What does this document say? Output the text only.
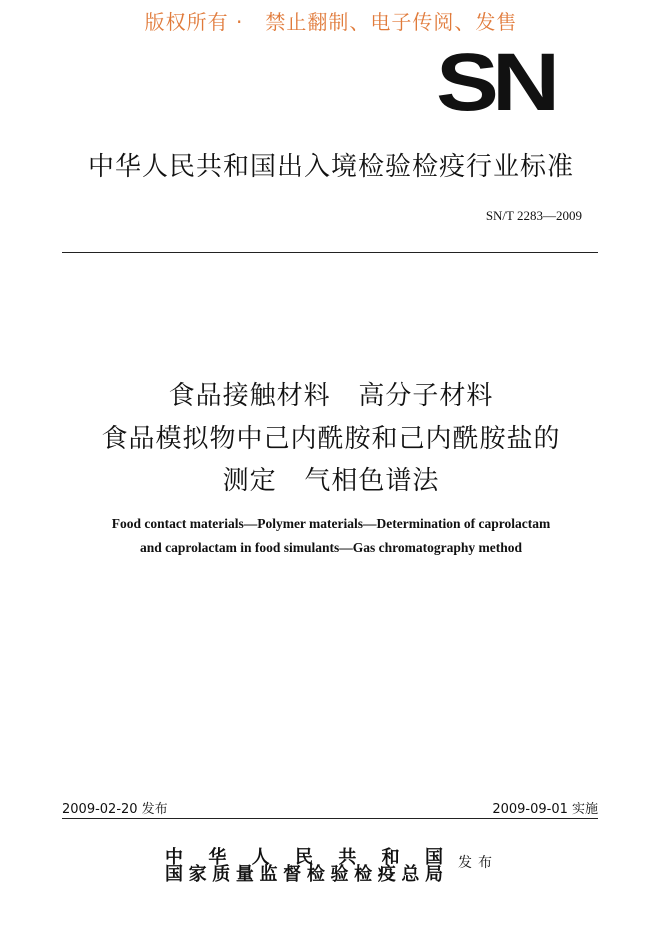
版权所有 ·   禁止翻制、电子传阅、发售
SN
中华人民共和国出入境检验检疫行业标准
SN/T 2283—2009
食品接触材料   高分子材料
食品模拟物中己内酰胺和己内酰胺盐的
测定   气相色谱法
Food contact materials—Polymer materials—Determination of caprolactam
and caprolactam in food simulants—Gas chromatography method
2009-02-20 发布	2009-09-01 实施
中华人民共和国
国家质量监督检验检疫总局
发布
